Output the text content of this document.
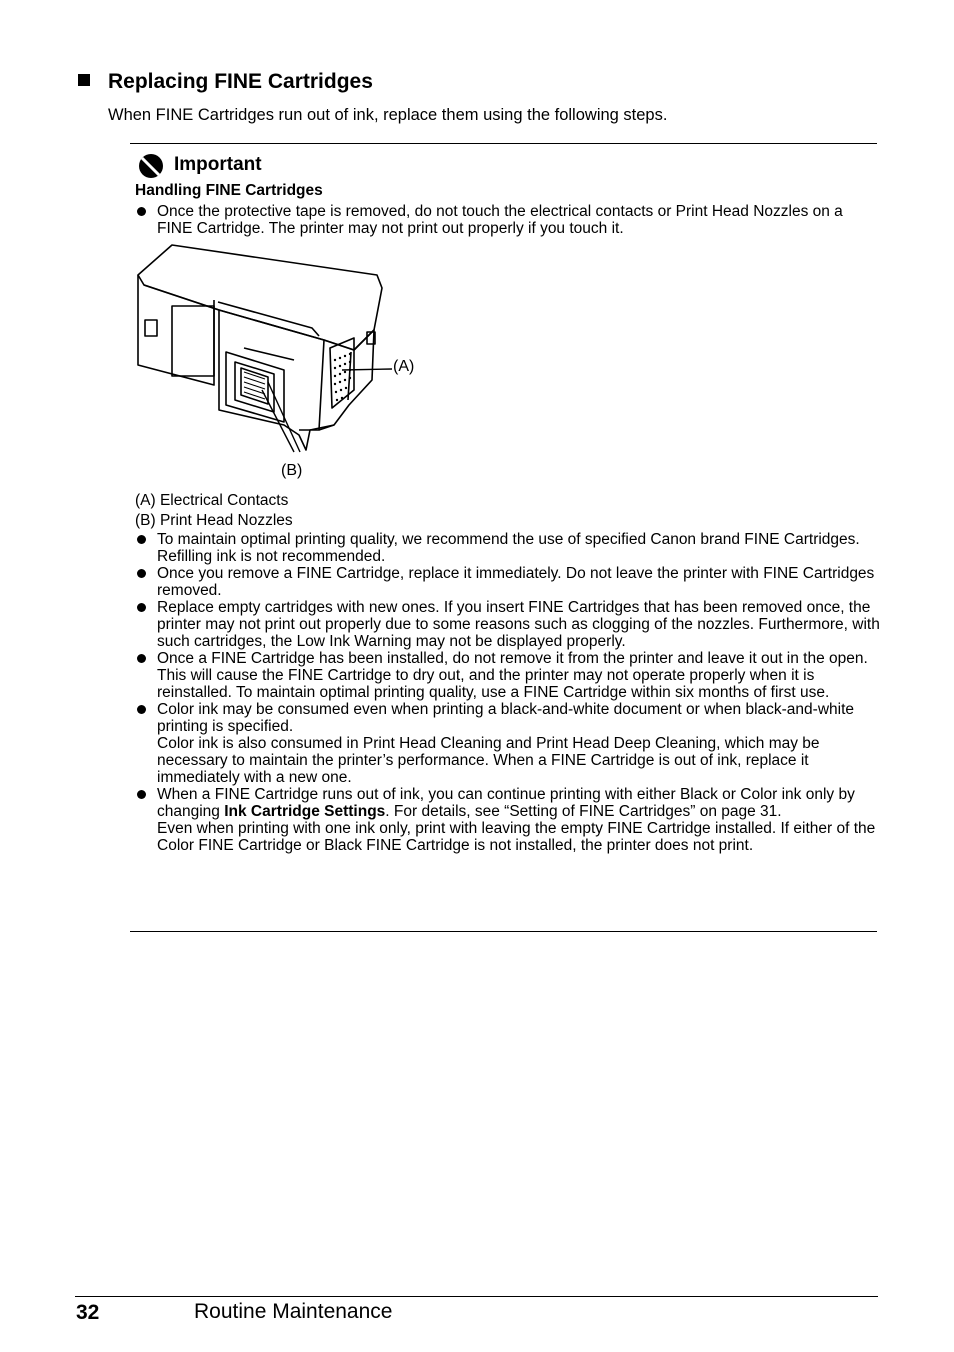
Replacing FINE Cartridges
When FINE Cartridges run out of ink, replace them using the following steps.
Important
Handling FINE Cartridges

Once the protective tape is removed, do not touch the electrical contacts or Print Head Nozzles on a FINE Cartridge. The printer may not print out properly if you touch it.

(A)
(B)
(A) Electrical Contacts
(B) Print Head Nozzles

To maintain optimal printing quality, we recommend the use of specified Canon brand FINE Cartridges.

Refilling ink is not recommended.

Once you remove a FINE Cartridge, replace it immediately. Do not leave the printer with FINE Cartridges removed.

Replace empty cartridges with new ones. If you insert FINE Cartridges that has been removed once, the printer may not print out properly due to some reasons such as clogging of the nozzles. Furthermore, with such cartridges, the Low Ink Warning may not be displayed properly.

Once a FINE Cartridge has been installed, do not remove it from the printer and leave it out in the open. This will cause the FINE Cartridge to dry out, and the printer may not operate properly when it is reinstalled. To maintain optimal printing quality, use a FINE Cartridge within six months of first use.

Color ink may be consumed even when printing a black-and-white document or when black-and-white printing is specified.

Color ink is also consumed in Print Head Cleaning and Print Head Deep Cleaning, which may be necessary to maintain the printer’s performance. When a FINE Cartridge is out of ink, replace it immediately with a new one.

When a FINE Cartridge runs out of ink, you can continue printing with either Black or Color ink only by changing Ink Cartridge Settings. For details, see “Setting of FINE Cartridges” on page 31.

Even when printing with one ink only, print with leaving the empty FINE Cartridge installed. If either of the Color FINE Cartridge or Black FINE Cartridge is not installed, the printer does not print.

32	Routine Maintenance
